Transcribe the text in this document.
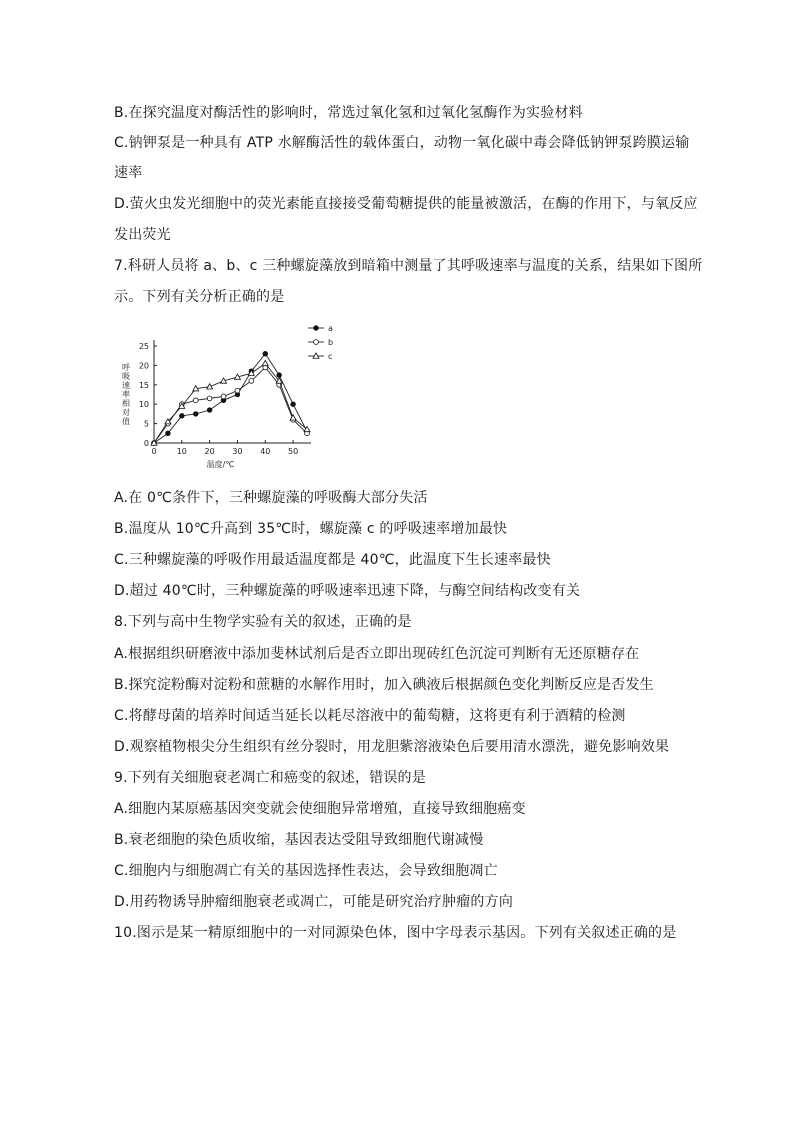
B.在探究温度对酶活性的影响时，常选过氧化氢和过氧化氢酶作为实验材料
C.钠钾泵是一种具有 ATP 水解酶活性的载体蛋白，动物一氧化碳中毒会降低钠钾泵跨膜运输
速率
D.萤火虫发光细胞中的荧光素能直接接受葡萄糖提供的能量被激活，在酶的作用下，与氧反应
发出荧光
7.科研人员将 a、b、c 三种螺旋藻放到暗箱中测量了其呼吸速率与温度的关系，结果如下图所
示。下列有关分析正确的是
0	10 20 30 40 50
0
5
10
15
20
25
温度/℃
呼吸速率相对值
a
b
c
A.在 0℃条件下，三种螺旋藻的呼吸酶大部分失活
B.温度从 10℃升高到 35℃时，螺旋藻 c 的呼吸速率增加最快
C.三种螺旋藻的呼吸作用最适温度都是 40℃，此温度下生长速率最快
D.超过 40℃时，三种螺旋藻的呼吸速率迅速下降，与酶空间结构改变有关
8.下列与高中生物学实验有关的叙述，正确的是
A.根据组织研磨液中添加斐林试剂后是否立即出现砖红色沉淀可判断有无还原糖存在
B.探究淀粉酶对淀粉和蔗糖的水解作用时，加入碘液后根据颜色变化判断反应是否发生
C.将酵母菌的培养时间适当延长以耗尽溶液中的葡萄糖，这将更有利于酒精的检测
D.观察植物根尖分生组织有丝分裂时，用龙胆紫溶液染色后要用清水漂洗，避免影响效果
9.下列有关细胞衰老凋亡和癌变的叙述，错误的是
A.细胞内某原癌基因突变就会使细胞异常增殖，直接导致细胞癌变
B.衰老细胞的染色质收缩，基因表达受阻导致细胞代谢减慢
C.细胞内与细胞凋亡有关的基因选择性表达，会导致细胞凋亡
D.用药物诱导肿瘤细胞衰老或凋亡，可能是研究治疗肿瘤的方向
10.图示是某一精原细胞中的一对同源染色体，图中字母表示基因。下列有关叙述正确的是
